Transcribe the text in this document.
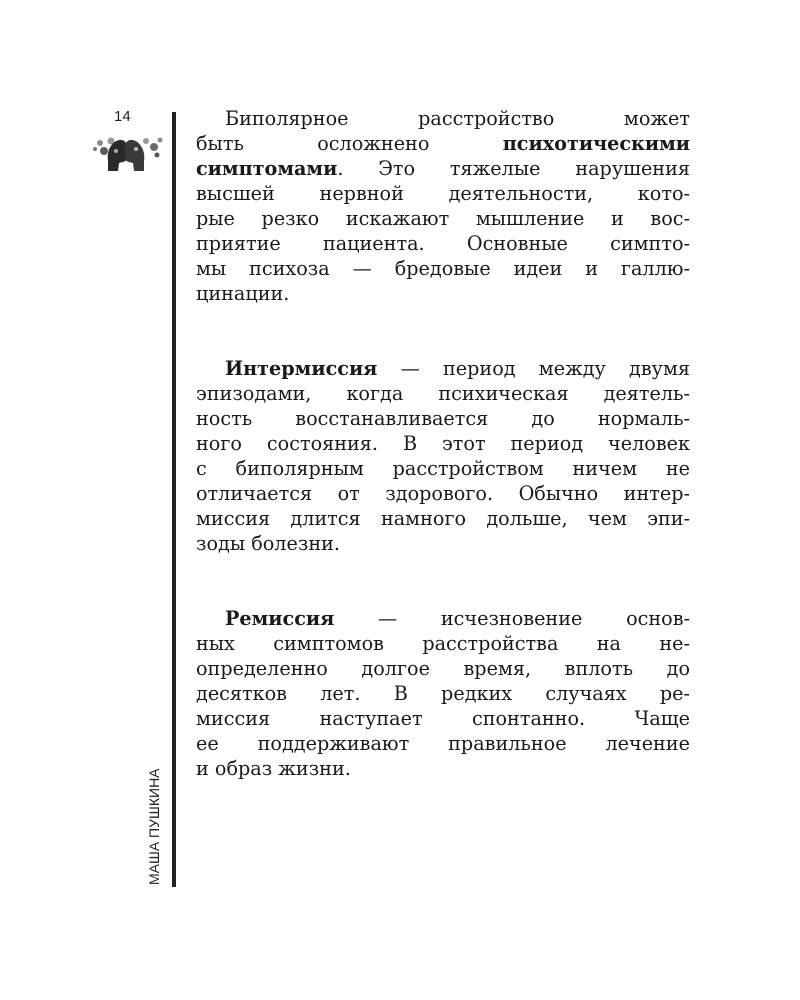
14
МАША ПУШКИНА
Биполярное расстройство может
быть осложнено психотическими
симптомами. Это тяжелые нарушения
высшей нервной деятельности, кото-
рые резко искажают мышление и вос-
приятие пациента. Основные симпто-
мы психоза — бредовые идеи и галлю-
цинации.
Интермиссия — период между двумя
эпизодами, когда психическая деятель-
ность восстанавливается до нормаль-
ного состояния. В этот период человек
с биполярным расстройством ничем не
отличается от здорового. Обычно интер-
миссия длится намного дольше, чем эпи-
зоды болезни.
Ремиссия — исчезновение основ-
ных симптомов расстройства на не-
определенно долгое время, вплоть до
десятков лет. В редких случаях ре-
миссия наступает спонтанно. Чаще
ее поддерживают правильное лечение
и образ жизни.
